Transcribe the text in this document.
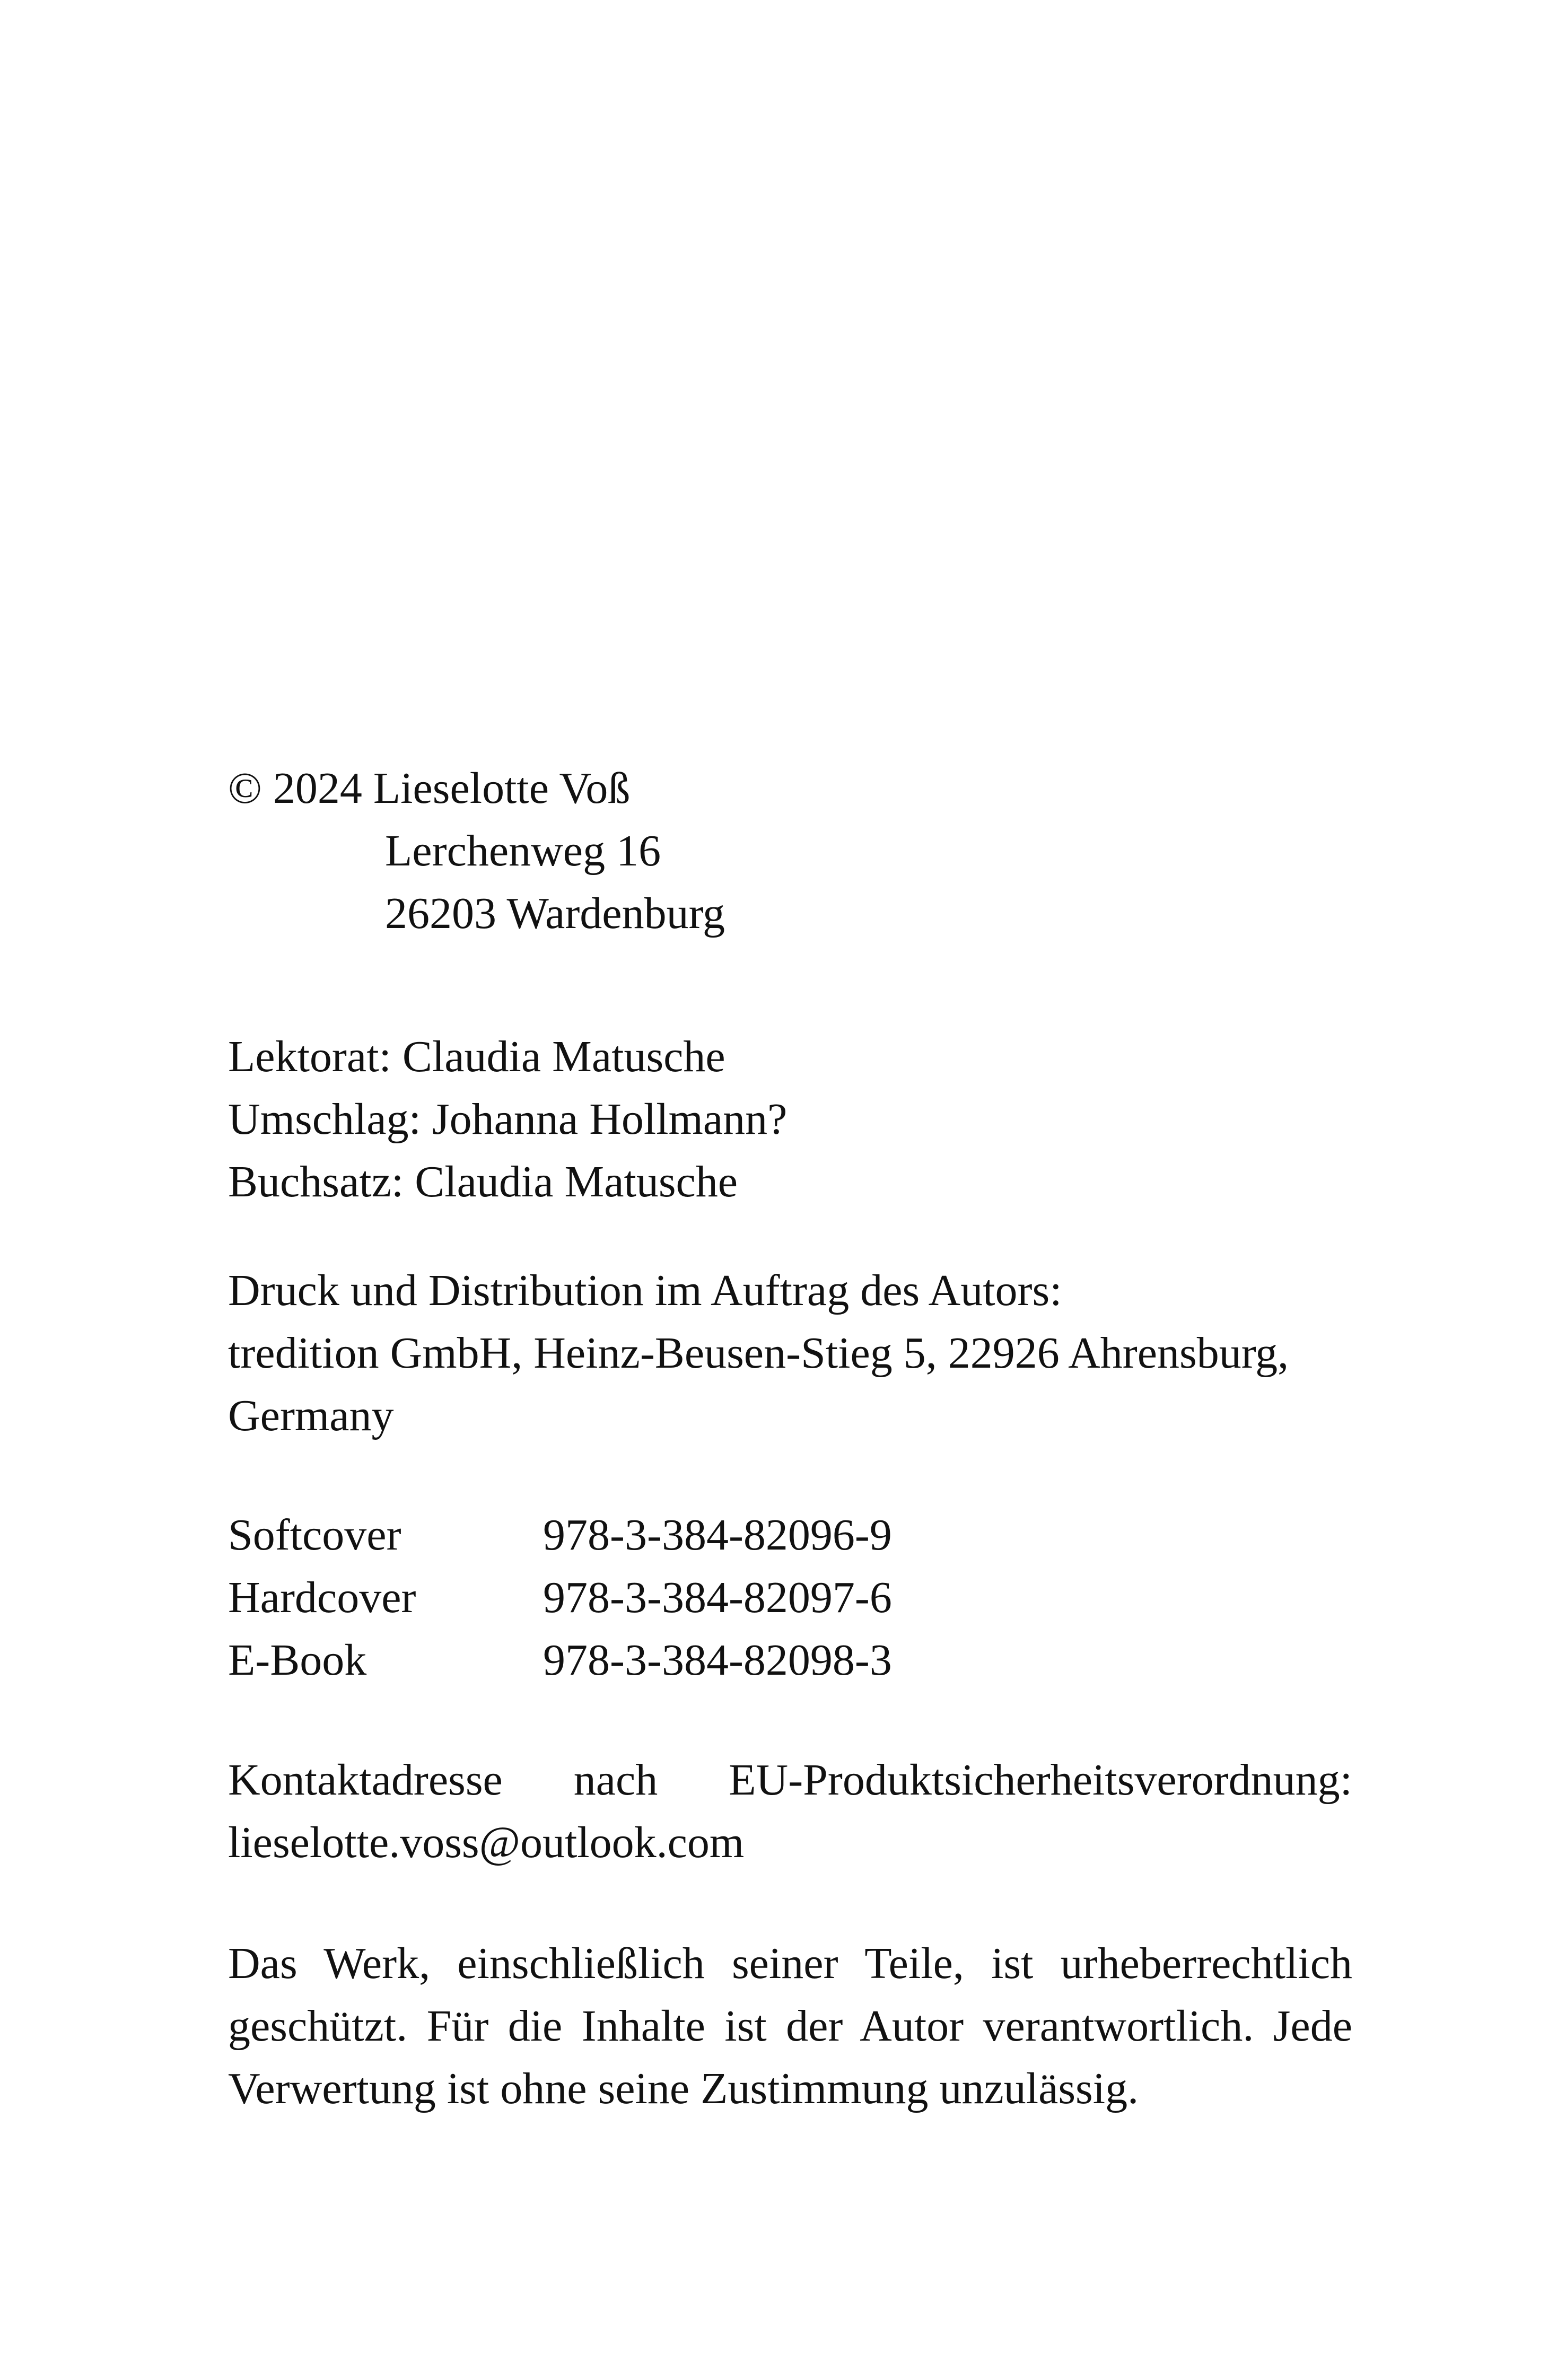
© 2024 Lieselotte Voß
Lerchenweg 16
26203 Wardenburg
Lektorat: Claudia Matusche
Umschlag: Johanna Hollmann?
Buchsatz: Claudia Matusche
Druck und Distribution im Auftrag des Autors:
tredition GmbH, Heinz-Beusen-Stieg 5, 22926 Ahrensburg,
Germany
Softcover	978-3-384-82096-9
Hardcover	978-3-384-82097-6
E-Book	978-3-384-82098-3
Kontaktadresse nach EU-Produktsicherheitsverordnung:
lieselotte.voss@outlook.com
Das Werk, einschließlich seiner Teile, ist urheberrechtlich geschützt. Für die Inhalte ist der Autor verantwortlich. Jede Verwertung ist ohne seine Zustimmung unzulässig.
